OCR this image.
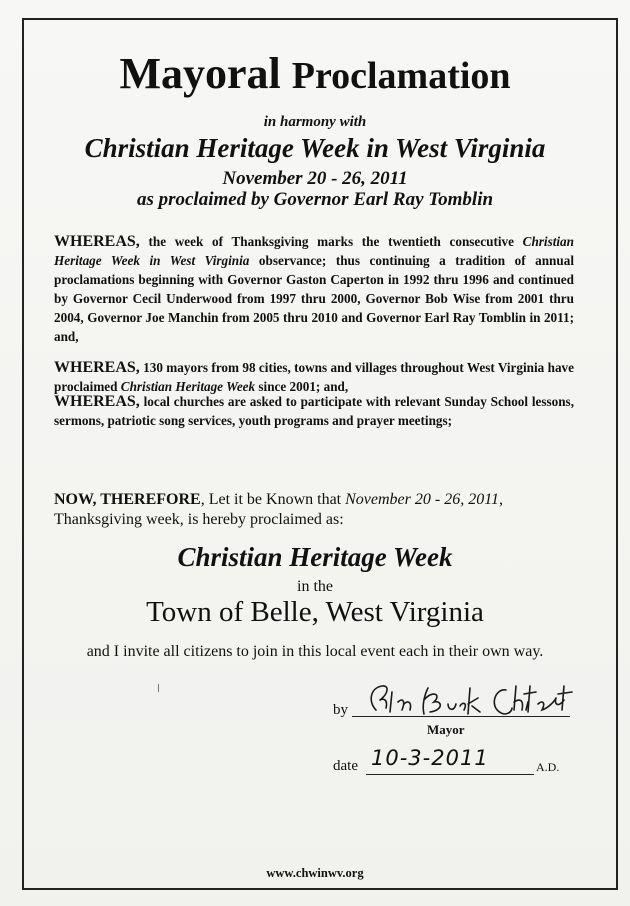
Mayoral Proclamation
in harmony with
Christian Heritage Week in West Virginia
November 20 - 26, 2011
as proclaimed by Governor Earl Ray Tomblin
WHEREAS, the week of Thanksgiving marks the twentieth consecutive Christian Heritage Week in West Virginia observance; thus continuing a tradition of annual proclamations beginning with Governor Gaston Caperton in 1992 thru 1996 and continued by Governor Cecil Underwood from 1997 thru 2000, Governor Bob Wise from 2001 thru 2004, Governor Joe Manchin from 2005 thru 2010 and Governor Earl Ray Tomblin in 2011; and,
WHEREAS, 130 mayors from 98 cities, towns and villages throughout West Virginia have proclaimed Christian Heritage Week since 2001; and,
WHEREAS, local churches are asked to participate with relevant Sunday School lessons, sermons, patriotic song services, youth programs and prayer meetings;
NOW, THEREFORE, Let it be Known that November 20 - 26, 2011, Thanksgiving week, is hereby proclaimed as:
Christian Heritage Week
in the
Town of Belle, West Virginia
and I invite all citizens to join in this local event each in their own way.
by
Mayor
date 10-3-2011	A.D.
www.chwinwv.org
